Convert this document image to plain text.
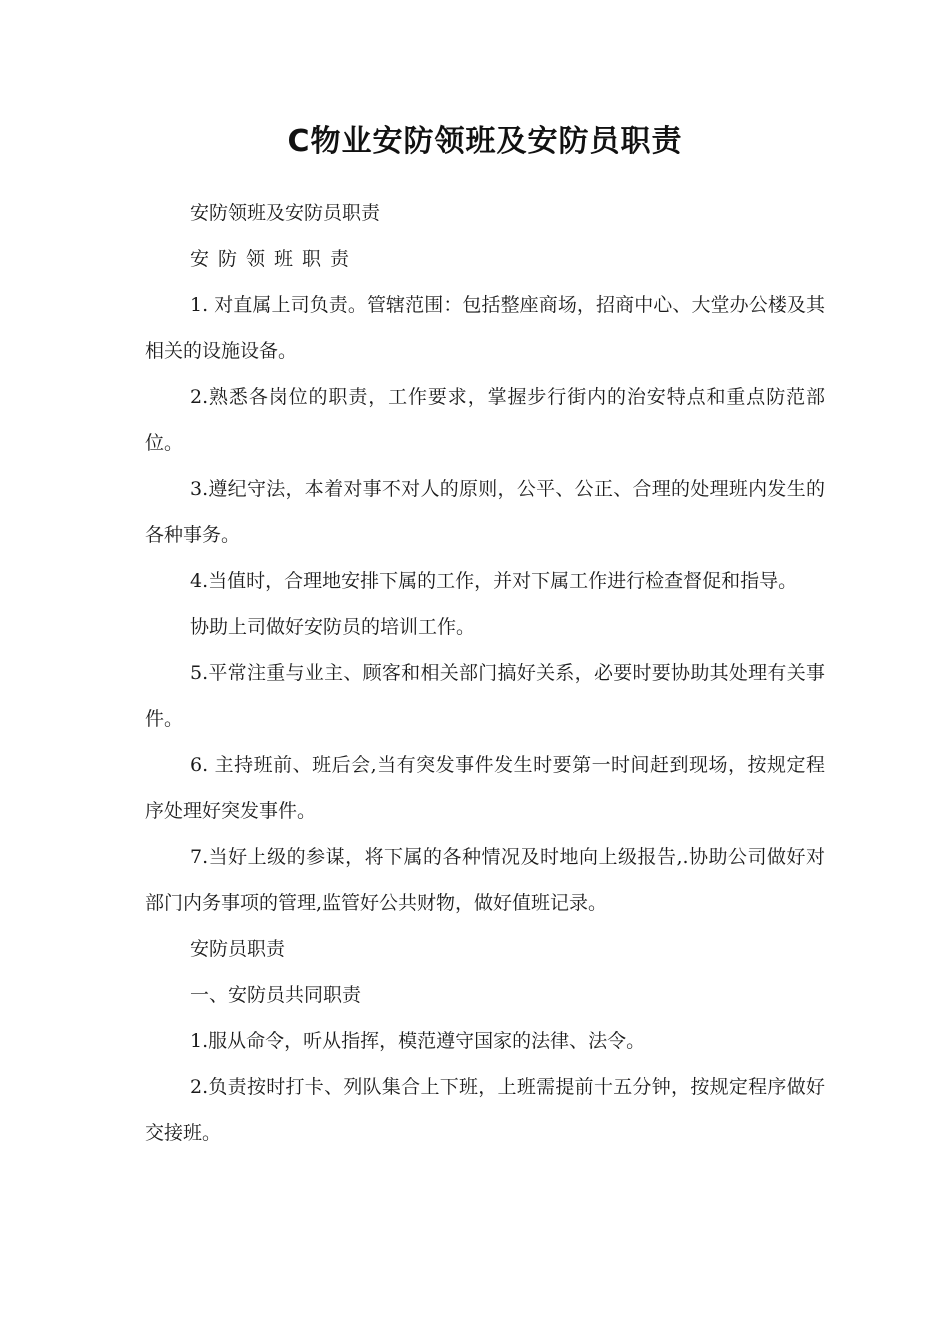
C物业安防领班及安防员职责

安防领班及安防员职责

安防领班职责

1. 对直属上司负责。管辖范围：包括整座商场，招商中心、大堂办公楼及其相关的设施设备。

2.熟悉各岗位的职责，工作要求，掌握步行街内的治安特点和重点防范部位。

3.遵纪守法，本着对事不对人的原则，公平、公正、合理的处理班内发生的各种事务。

4.当值时，合理地安排下属的工作，并对下属工作进行检查督促和指导。

协助上司做好安防员的培训工作。

5.平常注重与业主、顾客和相关部门搞好关系，必要时要协助其处理有关事件。

6. 主持班前、班后会,当有突发事件发生时要第一时间赶到现场，按规定程序处理好突发事件。

7.当好上级的参谋，将下属的各种情况及时地向上级报告,.协助公司做好对部门内务事项的管理,监管好公共财物，做好值班记录。

安防员职责

一、安防员共同职责

1.服从命令，听从指挥，模范遵守国家的法律、法令。

2.负责按时打卡、列队集合上下班，上班需提前十五分钟，按规定程序做好交接班。
